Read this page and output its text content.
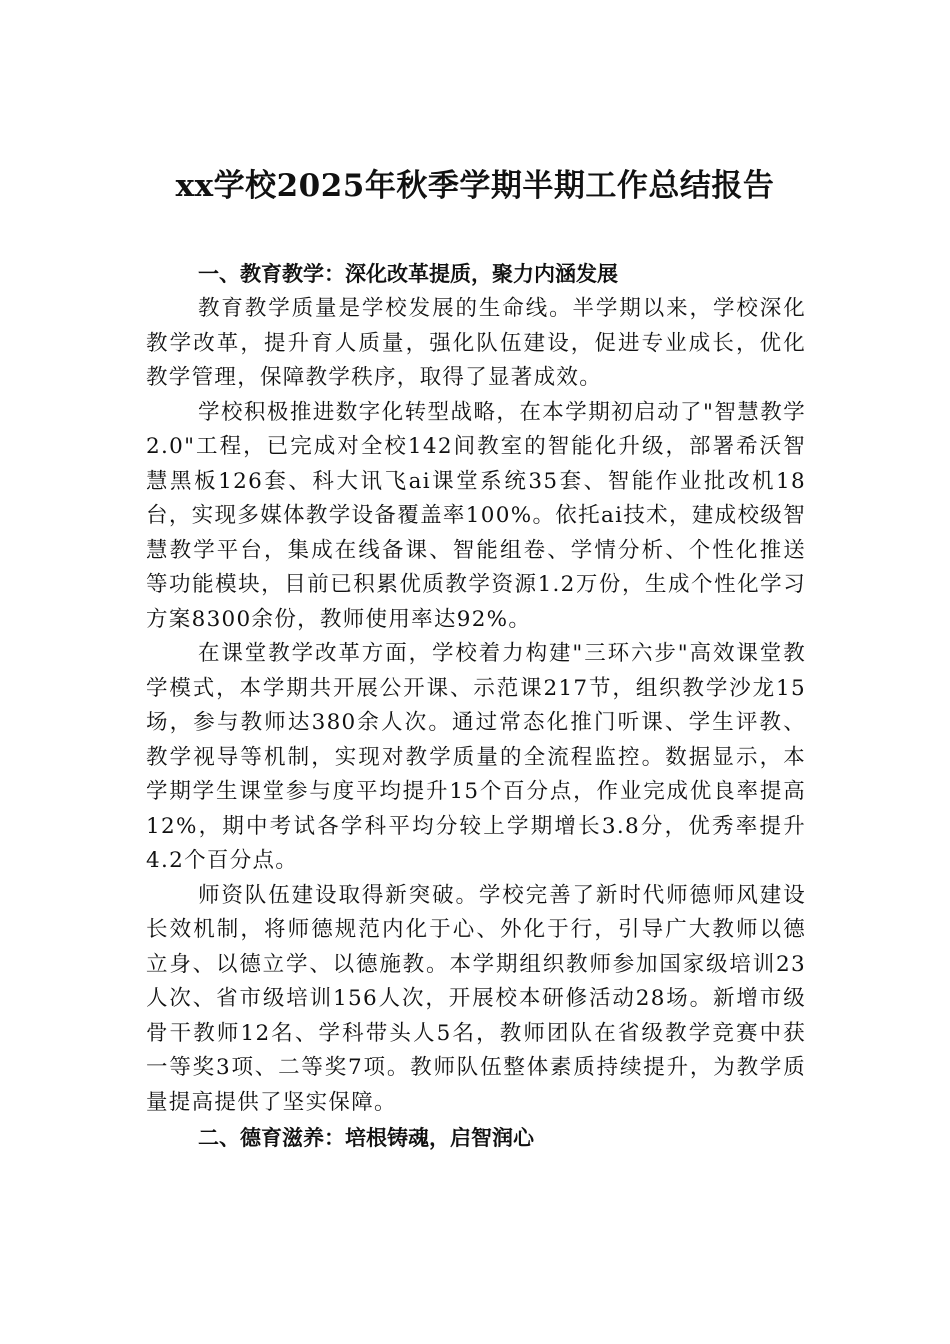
xx学校2025年秋季学期半期工作总结报告

一、教育教学：深化改革提质，聚力内涵发展

教育教学质量是学校发展的生命线。半学期以来，学校深化教学改革，提升育人质量，强化队伍建设，促进专业成长，优化教学管理，保障教学秩序，取得了显著成效。

学校积极推进数字化转型战略，在本学期初启动了"智慧教学2.0"工程，已完成对全校142间教室的智能化升级，部署希沃智慧黑板126套、科大讯飞ai课堂系统35套、智能作业批改机18台，实现多媒体教学设备覆盖率100%。依托ai技术，建成校级智慧教学平台，集成在线备课、智能组卷、学情分析、个性化推送等功能模块，目前已积累优质教学资源1.2万份，生成个性化学习方案8300余份，教师使用率达92%。

在课堂教学改革方面，学校着力构建"三环六步"高效课堂教学模式，本学期共开展公开课、示范课217节，组织教学沙龙15场，参与教师达380余人次。通过常态化推门听课、学生评教、教学视导等机制，实现对教学质量的全流程监控。数据显示，本学期学生课堂参与度平均提升15个百分点，作业完成优良率提高12%，期中考试各学科平均分较上学期增长3.8分，优秀率提升4.2个百分点。

师资队伍建设取得新突破。学校完善了新时代师德师风建设长效机制，将师德规范内化于心、外化于行，引导广大教师以德立身、以德立学、以德施教。本学期组织教师参加国家级培训23人次、省市级培训156人次，开展校本研修活动28场。新增市级骨干教师12名、学科带头人5名，教师团队在省级教学竞赛中获一等奖3项、二等奖7项。教师队伍整体素质持续提升，为教学质量提高提供了坚实保障。

二、德育滋养：培根铸魂，启智润心
